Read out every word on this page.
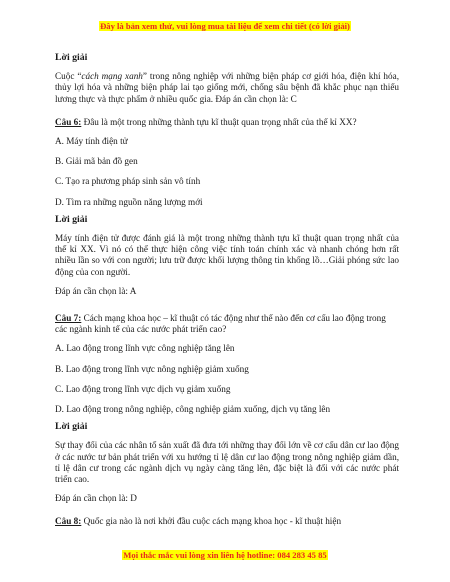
Đây là bản xem thử, vui lòng mua tài liệu để xem chi tiết (có lời giải)
Lời giải
Cuộc “cách mạng xanh” trong nông nghiệp với những biện pháp cơ giới hóa, điện khí hóa, thủy lợi hóa và những biện pháp lai tạo giống mới, chống sâu bệnh đã khắc phục nạn thiếu lương thực và thực phẩm ở nhiều quốc gia. Đáp án cần chọn là: C
Câu 6: Đâu là một trong những thành tựu kĩ thuật quan trọng nhất của thế kỉ XX?
A. Máy tính điện tử
B. Giải mã bản đồ gen
C. Tạo ra phương pháp sinh sản vô tính
D. Tìm ra những nguồn năng lượng mới
Lời giải
Máy tính điện tử được đánh giá là một trong những thành tựu kĩ thuật quan trọng nhất của thế kỉ XX. Vì nó có thể thực hiện công việc tính toán chính xác và nhanh chóng hơn rất nhiều lần so với con người; lưu trữ được khối lượng thông tin khổng lồ…Giải phóng sức lao động của con người.
Đáp án cần chọn là: A
Câu 7: Cách mạng khoa học – kĩ thuật có tác động như thế nào đến cơ cấu lao động trong các ngành kinh tế của các nước phát triển cao?
A. Lao động trong lĩnh vực công nghiệp tăng lên
B. Lao động trong lĩnh vực nông nghiệp giảm xuống
C. Lao động trong lĩnh vực dịch vụ giảm xuống
D. Lao động trong nông nghiệp, công nghiệp giảm xuống, dịch vụ tăng lên
Lời giải
Sự thay đổi của các nhân tố sản xuất đã đưa tới những thay đổi lớn về cơ cấu dân cư lao động ở các nước tư bản phát triển với xu hướng tỉ lệ dân cư lao động trong nông nghiệp giảm dần, tỉ lệ dân cư trong các ngành dịch vụ ngày càng tăng lên, đặc biệt là đối với các nước phát triển cao.
Đáp án cần chọn là: D
Câu 8: Quốc gia nào là nơi khởi đầu cuộc cách mạng khoa học - kĩ thuật hiện
Mọi thắc mắc vui lòng xin liên hệ hotline: 084 283 45 85
